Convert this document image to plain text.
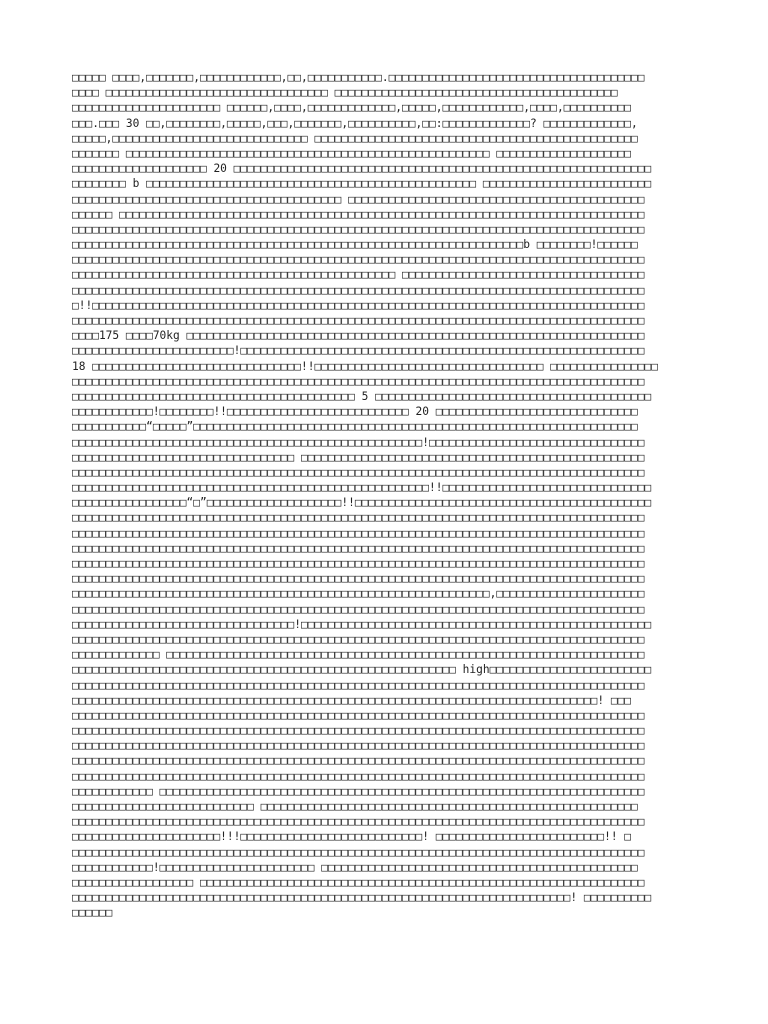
□□□□□ □□□□,□□□□□□□,□□□□□□□□□□□□,□□,□□□□□□□□□□□.□□□□□□□□□□□□□□□□□□□□□□□□□□□□□□□□□□□□□□
□□□□ □□□□□□□□□□□□□□□□□□□□□□□□□□□□□□□□□ □□□□□□□□□□□□□□□□□□□□□□□□□□□□□□□□□□□□□□□□□□
□□□□□□□□□□□□□□□□□□□□□□ □□□□□□,□□□□,□□□□□□□□□□□□□,□□□□□,□□□□□□□□□□□□,□□□□,□□□□□□□□□□
□□□.□□□ 30 □□,□□□□□□□□,□□□□□,□□□,□□□□□□□,□□□□□□□□□□,□□:□□□□□□□□□□□□□? □□□□□□□□□□□□□,
□□□□□,□□□□□□□□□□□□□□□□□□□□□□□□□□□□□ □□□□□□□□□□□□□□□□□□□□□□□□□□□□□□□□□□□□□□□□□□□□□□□□
□□□□□□□ □□□□□□□□□□□□□□□□□□□□□□□□□□□□□□□□□□□□□□□□□□□□□□□□□□□□□□ □□□□□□□□□□□□□□□□□□□□
□□□□□□□□□□□□□□□□□□□□ 20 □□□□□□□□□□□□□□□□□□□□□□□□□□□□□□□□□□□□□□□□□□□□□□□□□□□□□□□□□□□□□□
□□□□□□□□ b □□□□□□□□□□□□□□□□□□□□□□□□□□□□□□□□□□□□□□□□□□□□□□□□□ □□□□□□□□□□□□□□□□□□□□□□□□□
□□□□□□□□□□□□□□□□□□□□□□□□□□□□□□□□□□□□□□□□ □□□□□□□□□□□□□□□□□□□□□□□□□□□□□□□□□□□□□□□□□□□□
□□□□□□ □□□□□□□□□□□□□□□□□□□□□□□□□□□□□□□□□□□□□□□□□□□□□□□□□□□□□□□□□□□□□□□□□□□□□□□□□□□□□□
□□□□□□□□□□□□□□□□□□□□□□□□□□□□□□□□□□□□□□□□□□□□□□□□□□□□□□□□□□□□□□□□□□□□□□□□□□□□□□□□□□□□□
□□□□□□□□□□□□□□□□□□□□□□□□□□□□□□□□□□□□□□□□□□□□□□□□□□□□□□□□□□□□□□□□□□□b □□□□□□□□!□□□□□□
□□□□□□□□□□□□□□□□□□□□□□□□□□□□□□□□□□□□□□□□□□□□□□□□□□□□□□□□□□□□□□□□□□□□□□□□□□□□□□□□□□□□□
□□□□□□□□□□□□□□□□□□□□□□□□□□□□□□□□□□□□□□□□□□□□□□□□ □□□□□□□□□□□□□□□□□□□□□□□□□□□□□□□□□□□□
□□□□□□□□□□□□□□□□□□□□□□□□□□□□□□□□□□□□□□□□□□□□□□□□□□□□□□□□□□□□□□□□□□□□□□□□□□□□□□□□□□□□□
□!!□□□□□□□□□□□□□□□□□□□□□□□□□□□□□□□□□□□□□□□□□□□□□□□□□□□□□□□□□□□□□□□□□□□□□□□□□□□□□□□□□□
□□□□□□□□□□□□□□□□□□□□□□□□□□□□□□□□□□□□□□□□□□□□□□□□□□□□□□□□□□□□□□□□□□□□□□□□□□□□□□□□□□□□□
□□□□175 □□□□70kg □□□□□□□□□□□□□□□□□□□□□□□□□□□□□□□□□□□□□□□□□□□□□□□□□□□□□□□□□□□□□□□□□□□□
□□□□□□□□□□□□□□□□□□□□□□□□!□□□□□□□□□□□□□□□□□□□□□□□□□□□□□□□□□□□□□□□□□□□□□□□□□□□□□□□□□□□□
18 □□□□□□□□□□□□□□□□□□□□□□□□□□□□□□□!!□□□□□□□□□□□□□□□□□□□□□□□□□□□□□□□□□□ □□□□□□□□□□□□□□□□
□□□□□□□□□□□□□□□□□□□□□□□□□□□□□□□□□□□□□□□□□□□□□□□□□□□□□□□□□□□□□□□□□□□□□□□□□□□□□□□□□□□□□
□□□□□□□□□□□□□□□□□□□□□□□□□□□□□□□□□□□□□□□□□□ 5 □□□□□□□□□□□□□□□□□□□□□□□□□□□□□□□□□□□□□□□□□
□□□□□□□□□□□□!□□□□□□□□!!□□□□□□□□□□□□□□□□□□□□□□□□□□□ 20 □□□□□□□□□□□□□□□□□□□□□□□□□□□□□□
□□□□□□□□□□□“□□□□□”□□□□□□□□□□□□□□□□□□□□□□□□□□□□□□□□□□□□□□□□□□□□□□□□□□□□□□□□□□□□□□□□□□
□□□□□□□□□□□□□□□□□□□□□□□□□□□□□□□□□□□□□□□□□□□□□□□□□□□□!□□□□□□□□□□□□□□□□□□□□□□□□□□□□□□□□
□□□□□□□□□□□□□□□□□□□□□□□□□□□□□□□□□ □□□□□□□□□□□□□□□□□□□□□□□□□□□□□□□□□□□□□□□□□□□□□□□□□□□
□□□□□□□□□□□□□□□□□□□□□□□□□□□□□□□□□□□□□□□□□□□□□□□□□□□□□□□□□□□□□□□□□□□□□□□□□□□□□□□□□□□□□
□□□□□□□□□□□□□□□□□□□□□□□□□□□□□□□□□□□□□□□□□□□□□□□□□□□□□!!□□□□□□□□□□□□□□□□□□□□□□□□□□□□□□□
□□□□□□□□□□□□□□□□□“□”□□□□□□□□□□□□□□□□□□□□!!□□□□□□□□□□□□□□□□□□□□□□□□□□□□□□□□□□□□□□□□□□□□
□□□□□□□□□□□□□□□□□□□□□□□□□□□□□□□□□□□□□□□□□□□□□□□□□□□□□□□□□□□□□□□□□□□□□□□□□□□□□□□□□□□□□
□□□□□□□□□□□□□□□□□□□□□□□□□□□□□□□□□□□□□□□□□□□□□□□□□□□□□□□□□□□□□□□□□□□□□□□□□□□□□□□□□□□□□
□□□□□□□□□□□□□□□□□□□□□□□□□□□□□□□□□□□□□□□□□□□□□□□□□□□□□□□□□□□□□□□□□□□□□□□□□□□□□□□□□□□□□
□□□□□□□□□□□□□□□□□□□□□□□□□□□□□□□□□□□□□□□□□□□□□□□□□□□□□□□□□□□□□□□□□□□□□□□□□□□□□□□□□□□□□
□□□□□□□□□□□□□□□□□□□□□□□□□□□□□□□□□□□□□□□□□□□□□□□□□□□□□□□□□□□□□□□□□□□□□□□□□□□□□□□□□□□□□
□□□□□□□□□□□□□□□□□□□□□□□□□□□□□□□□□□□□□□□□□□□□□□□□□□□□□□□□□□□□□□,□□□□□□□□□□□□□□□□□□□□□□
□□□□□□□□□□□□□□□□□□□□□□□□□□□□□□□□□□□□□□□□□□□□□□□□□□□□□□□□□□□□□□□□□□□□□□□□□□□□□□□□□□□□□
□□□□□□□□□□□□□□□□□□□□□□□□□□□□□□□□□!□□□□□□□□□□□□□□□□□□□□□□□□□□□□□□□□□□□□□□□□□□□□□□□□□□□□
□□□□□□□□□□□□□□□□□□□□□□□□□□□□□□□□□□□□□□□□□□□□□□□□□□□□□□□□□□□□□□□□□□□□□□□□□□□□□□□□□□□□□
□□□□□□□□□□□□□ □□□□□□□□□□□□□□□□□□□□□□□□□□□□□□□□□□□□□□□□□□□□□□□□□□□□□□□□□□□□□□□□□□□□□□□
□□□□□□□□□□□□□□□□□□□□□□□□□□□□□□□□□□□□□□□□□□□□□□□□□□□□□□□□□ high□□□□□□□□□□□□□□□□□□□□□□□□
□□□□□□□□□□□□□□□□□□□□□□□□□□□□□□□□□□□□□□□□□□□□□□□□□□□□□□□□□□□□□□□□□□□□□□□□□□□□□□□□□□□□□
□□□□□□□□□□□□□□□□□□□□□□□□□□□□□□□□□□□□□□□□□□□□□□□□□□□□□□□□□□□□□□□□□□□□□□□□□□□□□□! □□□
□□□□□□□□□□□□□□□□□□□□□□□□□□□□□□□□□□□□□□□□□□□□□□□□□□□□□□□□□□□□□□□□□□□□□□□□□□□□□□□□□□□□□
□□□□□□□□□□□□□□□□□□□□□□□□□□□□□□□□□□□□□□□□□□□□□□□□□□□□□□□□□□□□□□□□□□□□□□□□□□□□□□□□□□□□□
□□□□□□□□□□□□□□□□□□□□□□□□□□□□□□□□□□□□□□□□□□□□□□□□□□□□□□□□□□□□□□□□□□□□□□□□□□□□□□□□□□□□□
□□□□□□□□□□□□□□□□□□□□□□□□□□□□□□□□□□□□□□□□□□□□□□□□□□□□□□□□□□□□□□□□□□□□□□□□□□□□□□□□□□□□□
□□□□□□□□□□□□□□□□□□□□□□□□□□□□□□□□□□□□□□□□□□□□□□□□□□□□□□□□□□□□□□□□□□□□□□□□□□□□□□□□□□□□□
□□□□□□□□□□□□ □□□□□□□□□□□□□□□□□□□□□□□□□□□□□□□□□□□□□□□□□□□□□□□□□□□□□□□□□□□□□□□□□□□□□□□□
□□□□□□□□□□□□□□□□□□□□□□□□□□□ □□□□□□□□□□□□□□□□□□□□□□□□□□□□□□□□□□□□□□□□□□□□□□□□□□□□□□□□
□□□□□□□□□□□□□□□□□□□□□□□□□□□□□□□□□□□□□□□□□□□□□□□□□□□□□□□□□□□□□□□□□□□□□□□□□□□□□□□□□□□□□
□□□□□□□□□□□□□□□□□□□□□□!!!□□□□□□□□□□□□□□□□□□□□□□□□□□□! □□□□□□□□□□□□□□□□□□□□□□□□□!! □
□□□□□□□□□□□□□□□□□□□□□□□□□□□□□□□□□□□□□□□□□□□□□□□□□□□□□□□□□□□□□□□□□□□□□□□□□□□□□□□□□□□□□
□□□□□□□□□□□□!□□□□□□□□□□□□□□□□□□□□□□□ □□□□□□□□□□□□□□□□□□□□□□□□□□□□□□□□□□□□□□□□□□□□□□□
□□□□□□□□□□□□□□□□□□ □□□□□□□□□□□□□□□□□□□□□□□□□□□□□□□□□□□□□□□□□□□□□□□□□□□□□□□□□□□□□□□□□□
□□□□□□□□□□□□□□□□□□□□□□□□□□□□□□□□□□□□□□□□□□□□□□□□□□□□□□□□□□□□□□□□□□□□□□□□□□! □□□□□□□□□□
□□□□□□
